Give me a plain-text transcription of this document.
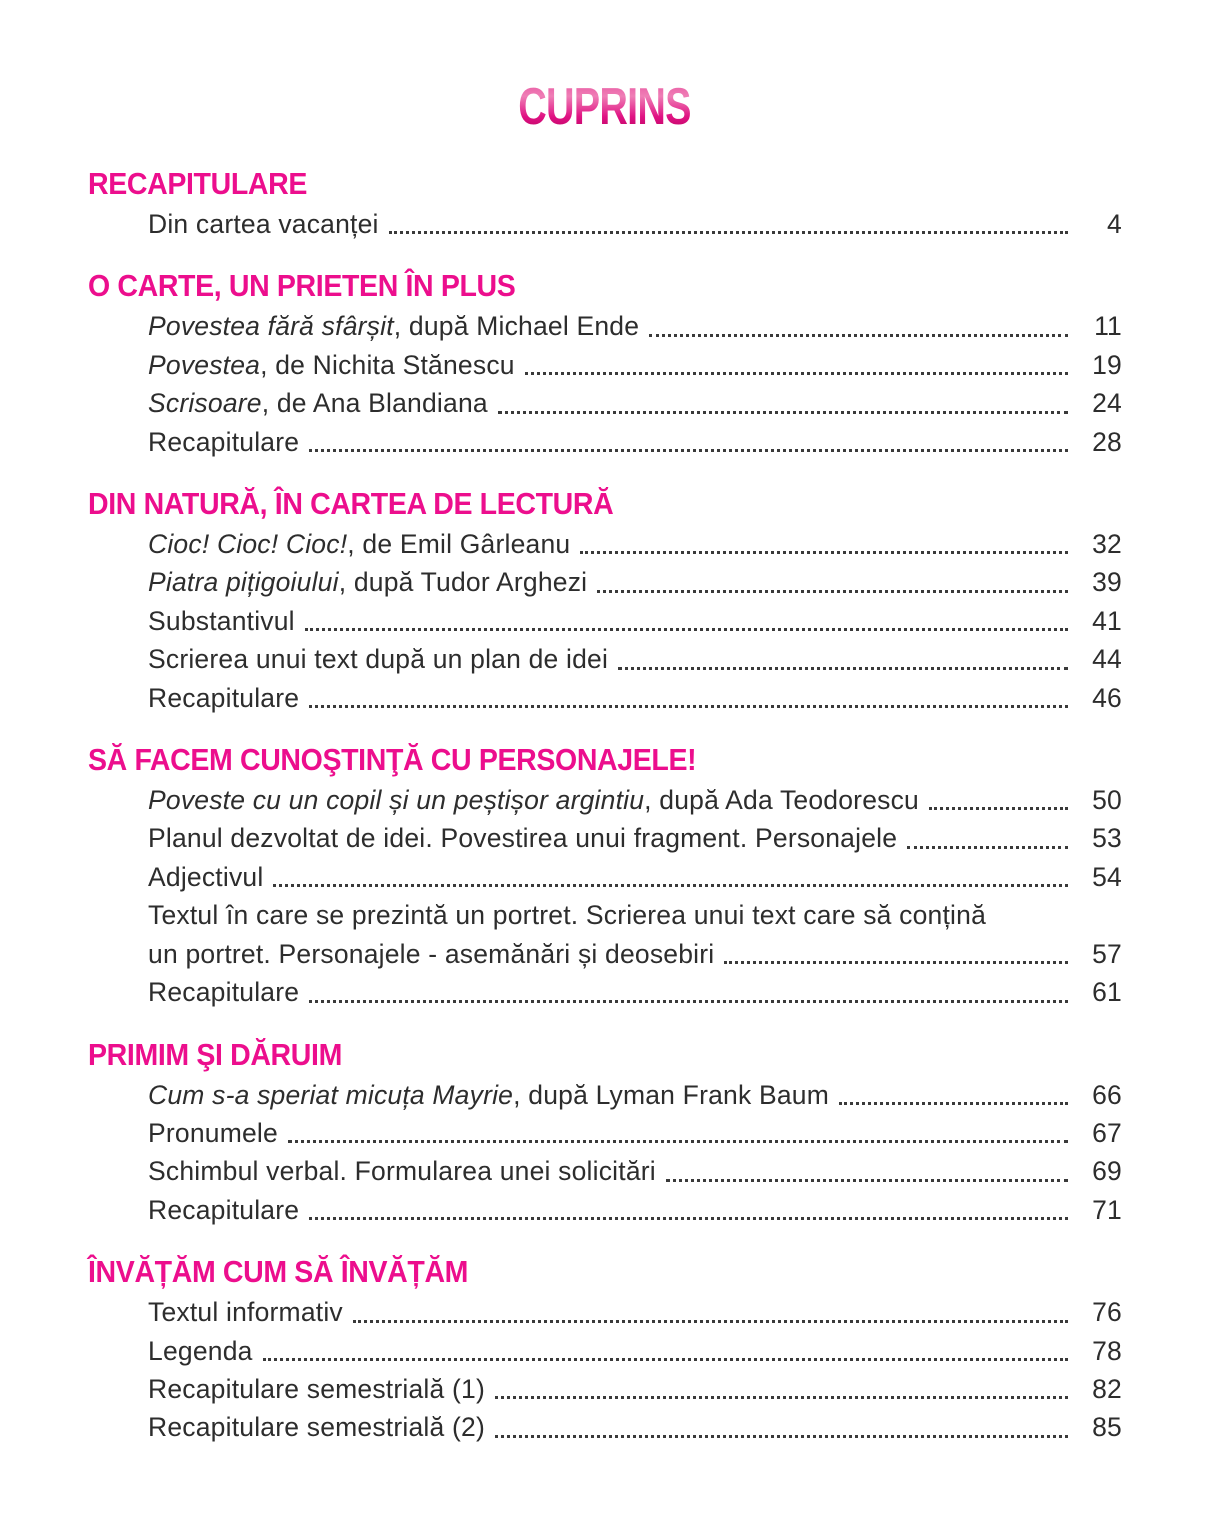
CUPRINS
RECAPITULARE
Din cartea vacanței	4
O CARTE, UN PRIETEN ÎN PLUS
Povestea fără sfârșit, după Michael Ende	11
Povestea, de Nichita Stănescu	19
Scrisoare, de Ana Blandiana	24
Recapitulare	28
DIN NATURĂ, ÎN CARTEA DE LECTURĂ
Cioc! Cioc! Cioc!, de Emil Gârleanu	32
Piatra pițigoiului, după Tudor Arghezi	39
Substantivul	41
Scrierea unui text după un plan de idei	44
Recapitulare	46
SĂ FACEM CUNOŞTINŢĂ CU PERSONAJELE!
Poveste cu un copil și un peștișor argintiu, după Ada Teodorescu	50
Planul dezvoltat de idei. Povestirea unui fragment. Personajele	53
Adjectivul	54
Textul în care se prezintă un portret. Scrierea unui text care să conțină
un portret. Personajele - asemănări și deosebiri	57
Recapitulare	61
PRIMIM ŞI DĂRUIM
Cum s-a speriat micuța Mayrie, după Lyman Frank Baum	66
Pronumele	67
Schimbul verbal. Formularea unei solicitări	69
Recapitulare	71
ÎNVĂȚĂM CUM SĂ ÎNVĂȚĂM
Textul informativ	76
Legenda	78
Recapitulare semestrială (1)	82
Recapitulare semestrială (2)	85
